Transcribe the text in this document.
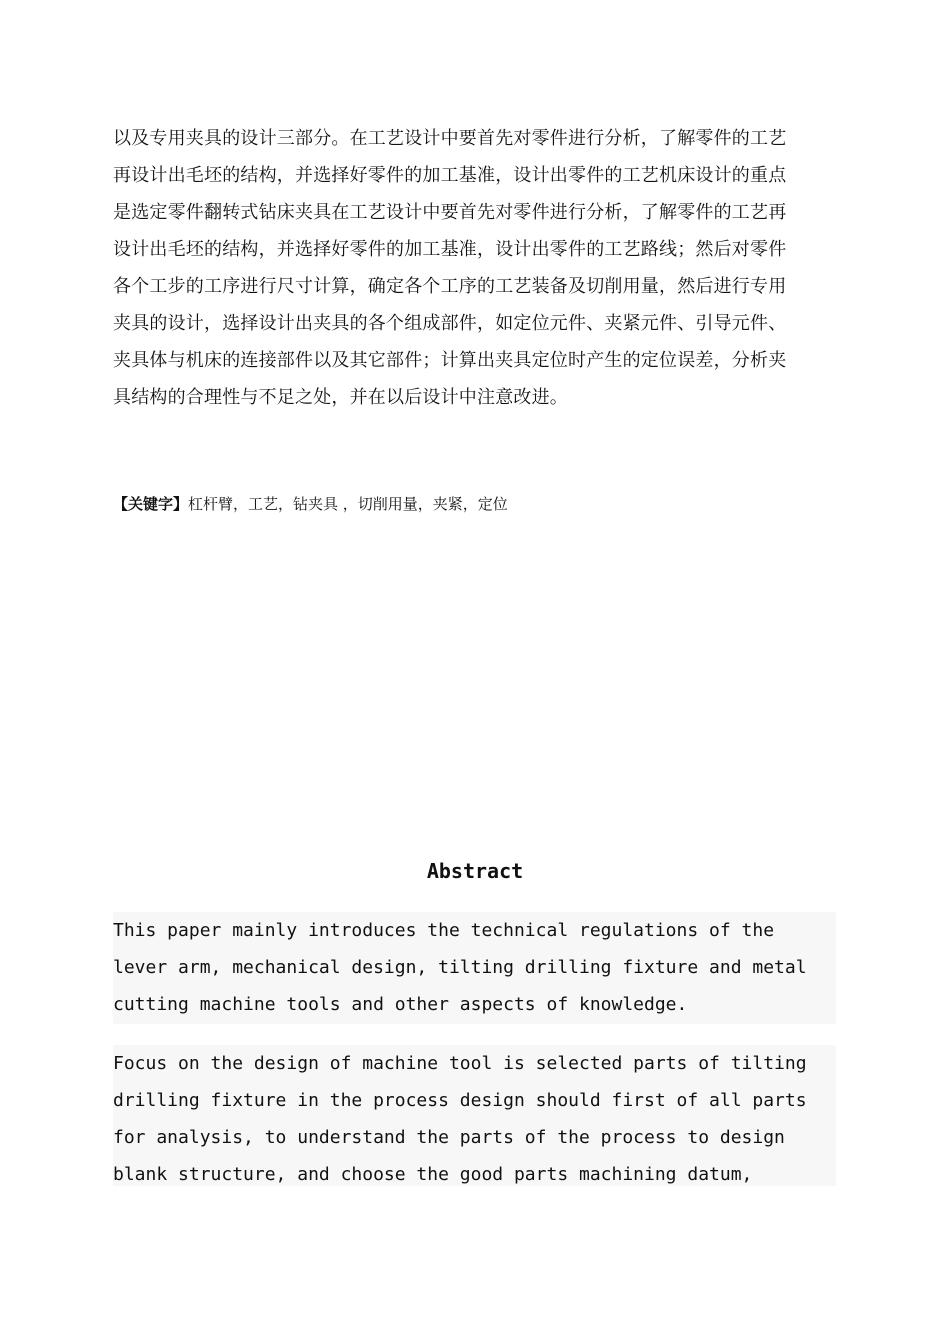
以及专用夹具的设计三部分。在工艺设计中要首先对零件进行分析，了解零件的工艺
再设计出毛坯的结构，并选择好零件的加工基准，设计出零件的工艺机床设计的重点
是选定零件翻转式钻床夹具在工艺设计中要首先对零件进行分析，了解零件的工艺再
设计出毛坯的结构，并选择好零件的加工基准，设计出零件的工艺路线；然后对零件
各个工步的工序进行尺寸计算，确定各个工序的工艺装备及切削用量，然后进行专用
夹具的设计，选择设计出夹具的各个组成部件，如定位元件、夹紧元件、引导元件、
夹具体与机床的连接部件以及其它部件；计算出夹具定位时产生的定位误差，分析夹
具结构的合理性与不足之处，并在以后设计中注意改进。

【关键字】杠杆臂，工艺，钻夹具 ，切削用量，夹紧，定位

Abstract
This paper mainly introduces the technical regulations of the
lever arm, mechanical design, tilting drilling fixture and metal
cutting machine tools and other aspects of knowledge.
Focus on the design of machine tool is selected parts of tilting
drilling fixture in the process design should first of all parts
for analysis, to understand the parts of the process to design
blank structure, and choose the good parts machining datum,
